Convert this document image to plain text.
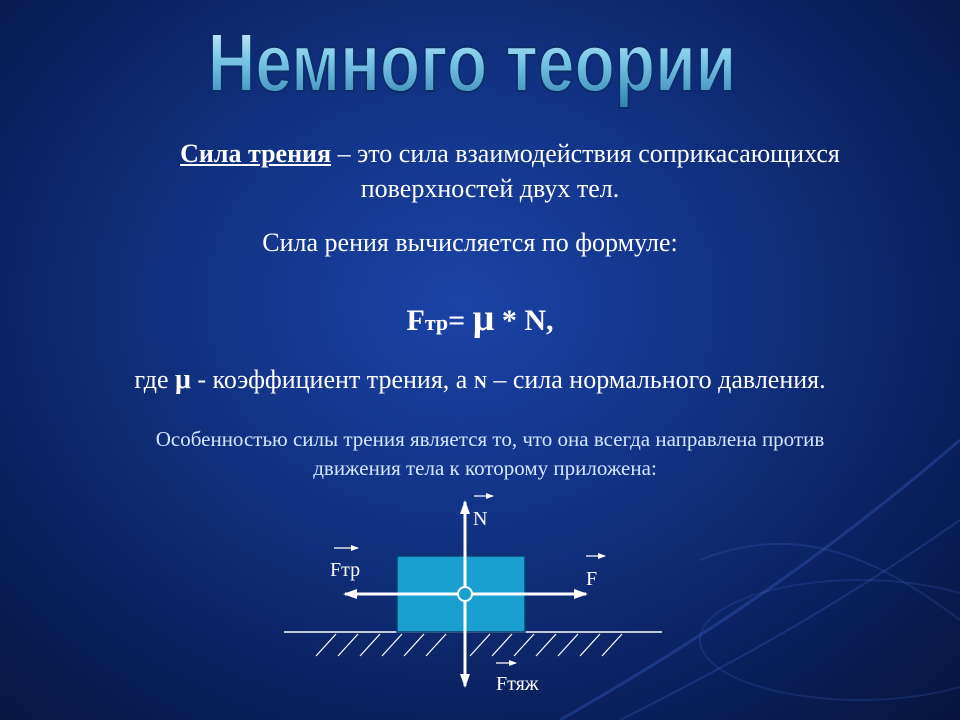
Немного теории
Сила трения – это сила взаимодействия соприкасающихся
поверхностей двух тел.
Сила рения вычисляется по формуле:
Fтр= μ * N,
где μ - коэффициент трения, а N – сила нормального давления.
Особенностью силы трения является то, что она всегда направлена против
движения тела к которому приложена:
N
Fтр	F
Fтяж
